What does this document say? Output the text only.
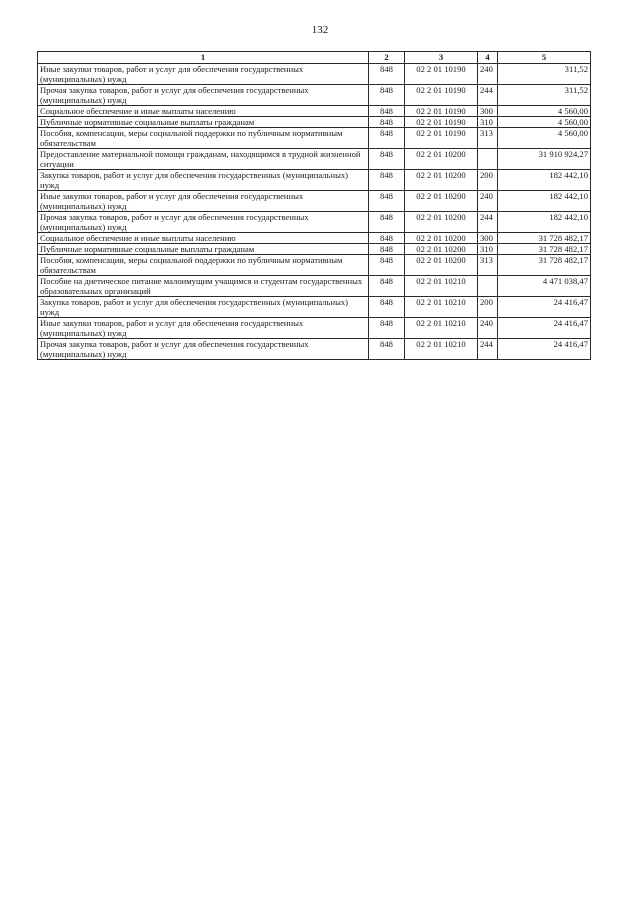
132
1	2	3	4	5
Иные закупки товаров, работ и услуг для обеспечения государственных (муниципальных) нужд	848	02 2 01 10190	240	311,52
Прочая закупка товаров, работ и услуг для обеспечения государственных (муниципальных) нужд	848	02 2 01 10190	244	311,52
Социальное обеспечение и иные выплаты населению	848	02 2 01 10190	300	4 560,00
Публичные нормативные социальные выплаты гражданам	848	02 2 01 10190	310	4 560,00
Пособия, компенсации, меры социальной поддержки по публичным нормативным обязательствам	848	02 2 01 10190	313	4 560,00
Предоставление материальной помощи гражданам, находящимся в трудной жизненной ситуации	848	02 2 01 10200		31 910 924,27
Закупка товаров, работ и услуг для обеспечения государственных (муниципальных) нужд	848	02 2 01 10200	200	182 442,10
Иные закупки товаров, работ и услуг для обеспечения государственных (муниципальных) нужд	848	02 2 01 10200	240	182 442,10
Прочая закупка товаров, работ и услуг для обеспечения государственных (муниципальных) нужд	848	02 2 01 10200	244	182 442,10
Социальное обеспечение и иные выплаты населению	848	02 2 01 10200	300	31 728 482,17
Публичные нормативные социальные выплаты гражданам	848	02 2 01 10200	310	31 728 482,17
Пособия, компенсации, меры социальной поддержки по публичным нормативным обязательствам	848	02 2 01 10200	313	31 728 482,17
Пособие на диетическое питание малоимущим учащимся и студентам государственных образовательных организаций	848	02 2 01 10210		4 471 038,47
Закупка товаров, работ и услуг для обеспечения государственных (муниципальных) нужд	848	02 2 01 10210	200	24 416,47
Иные закупки товаров, работ и услуг для обеспечения государственных (муниципальных) нужд	848	02 2 01 10210	240	24 416,47
Прочая закупка товаров, работ и услуг для обеспечения государственных (муниципальных) нужд	848	02 2 01 10210	244	24 416,47
